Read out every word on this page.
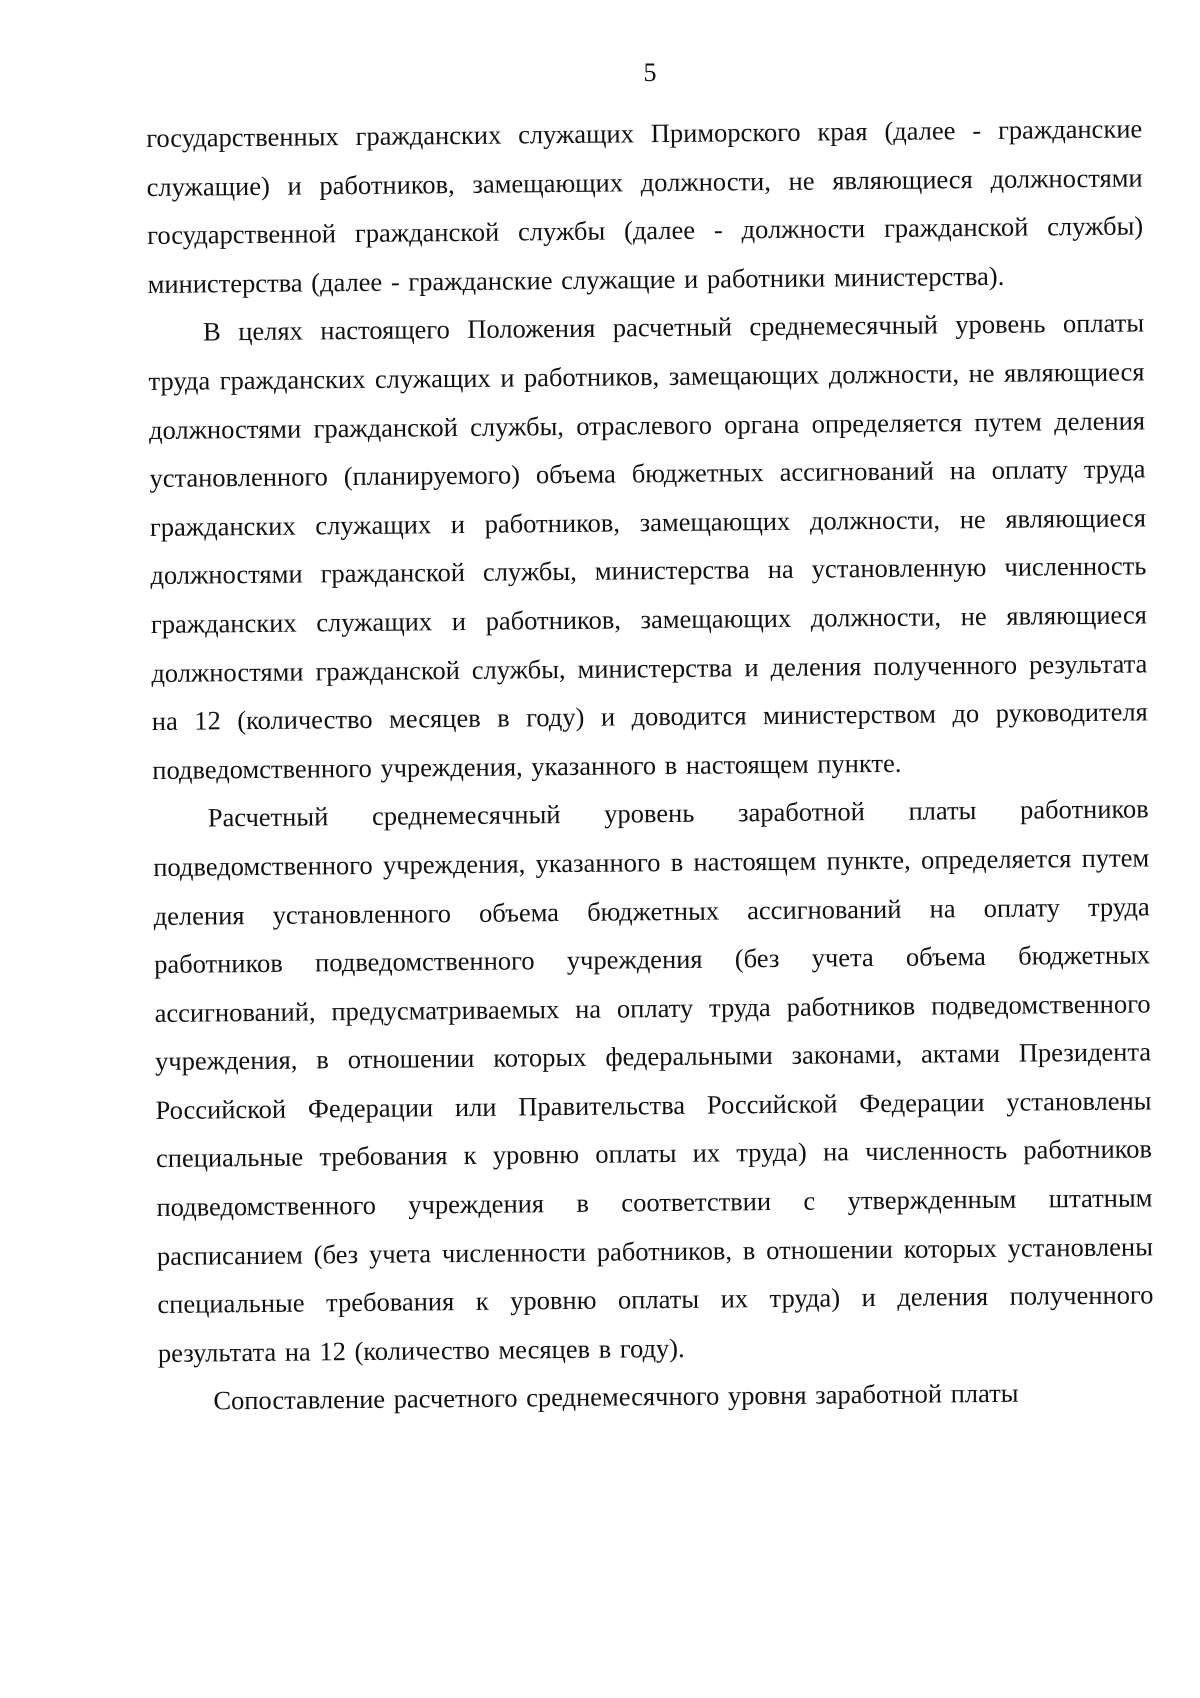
5

государственных гражданских служащих Приморского края (далее - гражданские служащие) и работников, замещающих должности, не являющиеся должностями государственной гражданской службы (далее - должности гражданской службы) министерства (далее - гражданские служащие и работники министерства).

В целях настоящего Положения расчетный среднемесячный уровень оплаты труда гражданских служащих и работников, замещающих должности, не являющиеся должностями гражданской службы, отраслевого органа определяется путем деления установленного (планируемого) объема бюджетных ассигнований на оплату труда гражданских служащих и работников, замещающих должности, не являющиеся должностями гражданской службы, министерства на установленную численность гражданских служащих и работников, замещающих должности, не являющиеся должностями гражданской службы, министерства и деления полученного результата на 12 (количество месяцев в году) и доводится министерством до руководителя подведомственного учреждения, указанного в настоящем пункте.

Расчетный среднемесячный уровень заработной платы работников подведомственного учреждения, указанного в настоящем пункте, определяется путем деления установленного объема бюджетных ассигнований на оплату труда работников подведомственного учреждения (без учета объема бюджетных ассигнований, предусматриваемых на оплату труда работников подведомственного учреждения, в отношении которых федеральными законами, актами Президента Российской Федерации или Правительства Российской Федерации установлены специальные требования к уровню оплаты их труда) на численность работников подведомственного учреждения в соответствии с утвержденным штатным расписанием (без учета численности работников, в отношении которых установлены специальные требования к уровню оплаты их труда) и деления полученного результата на 12 (количество месяцев в году).

Сопоставление расчетного среднемесячного уровня заработной платы
